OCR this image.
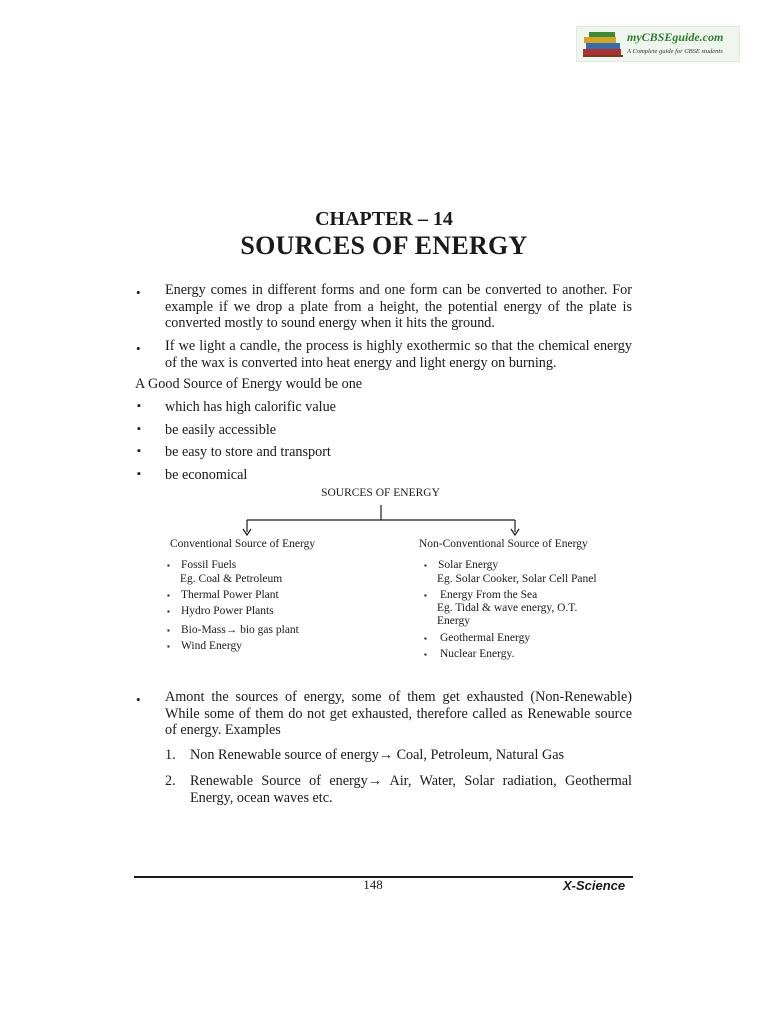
myCBSEguide.com
A Complete guide for CBSE students
CHAPTER – 14
SOURCES OF ENERGY
• Energy comes in different forms and one form can be converted to another. For example if we drop a plate from a height, the potential energy of the plate is converted mostly to sound energy when it hits the ground.
• If we light a candle, the process is highly exothermic so that the chemical energy of the wax is converted into heat energy and light energy on burning.
A Good Source of Energy would be one
▪ which has high calorific value
▪ be easily accessible
▪ be easy to store and transport
▪ be economical
SOURCES OF ENERGY
Conventional Source of Energy	Non-Conventional Source of Energy
▪ Fossil Fuels
Eg. Coal & Petroleum
▪ Thermal Power Plant
▪ Hydro Power Plants
▪ Bio-Mass→ bio gas plant
▪ Wind Energy
▪ Solar Energy
Eg. Solar Cooker, Solar Cell Panel
▪ Energy From the Sea
Eg. Tidal & wave energy, O.T.
Energy
▪ Geothermal Energy
▪ Nuclear Energy.
• Amont the sources of energy, some of them get exhausted (Non-Renewable) While some of them do not get exhausted, therefore called as Renewable source of energy. Examples
1. Non Renewable source of energy→ Coal, Petroleum, Natural Gas
2. Renewable Source of energy→ Air, Water, Solar radiation, Geothermal Energy, ocean waves etc.
148	X-Science
